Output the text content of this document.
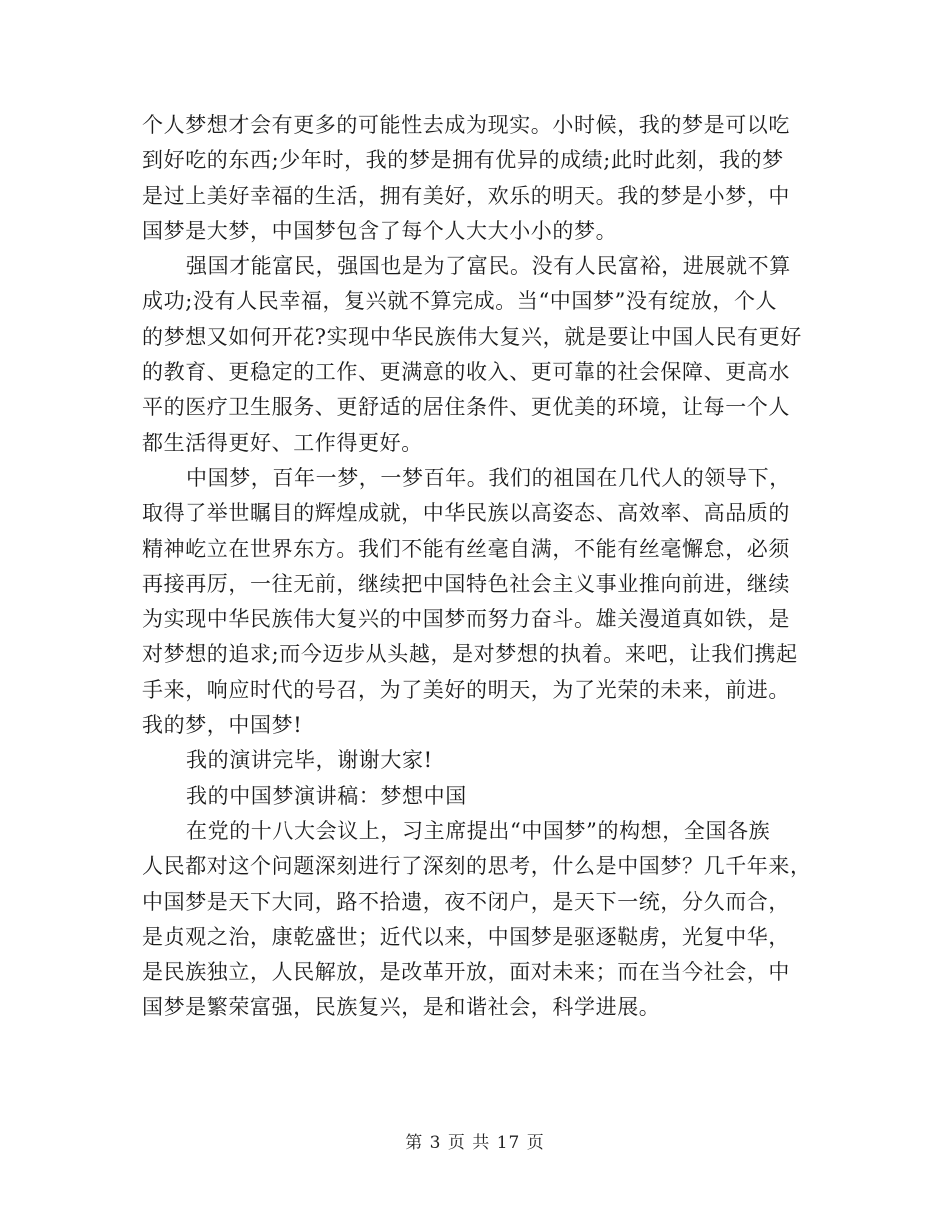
个人梦想才会有更多的可能性去成为现实。小时候，我的梦是可以吃
到好吃的东西;少年时，我的梦是拥有优异的成绩;此时此刻，我的梦
是过上美好幸福的生活，拥有美好，欢乐的明天。我的梦是小梦，中
国梦是大梦，中国梦包含了每个人大大小小的梦。
强国才能富民，强国也是为了富民。没有人民富裕，进展就不算
成功;没有人民幸福，复兴就不算完成。当“中国梦”没有绽放，个人
的梦想又如何开花?实现中华民族伟大复兴，就是要让中国人民有更好
的教育、更稳定的工作、更满意的收入、更可靠的社会保障、更高水
平的医疗卫生服务、更舒适的居住条件、更优美的环境，让每一个人
都生活得更好、工作得更好。
中国梦，百年一梦，一梦百年。我们的祖国在几代人的领导下，
取得了举世瞩目的辉煌成就，中华民族以高姿态、高效率、高品质的
精神屹立在世界东方。我们不能有丝毫自满，不能有丝毫懈怠，必须
再接再厉，一往无前，继续把中国特色社会主义事业推向前进，继续
为实现中华民族伟大复兴的中国梦而努力奋斗。雄关漫道真如铁，是
对梦想的追求;而今迈步从头越，是对梦想的执着。来吧，让我们携起
手来，响应时代的号召，为了美好的明天，为了光荣的未来，前进。
我的梦，中国梦!
我的演讲完毕，谢谢大家!
我的中国梦演讲稿：梦想中国
在党的十八大会议上，习主席提出“中国梦”的构想，全国各族
人民都对这个问题深刻进行了深刻的思考，什么是中国梦？几千年来，
中国梦是天下大同，路不拾遗，夜不闭户，是天下一统，分久而合，
是贞观之治，康乾盛世；近代以来，中国梦是驱逐鞑虏，光复中华，
是民族独立，人民解放，是改革开放，面对未来；而在当今社会，中
国梦是繁荣富强，民族复兴，是和谐社会，科学进展。
第 3 页 共 17 页
